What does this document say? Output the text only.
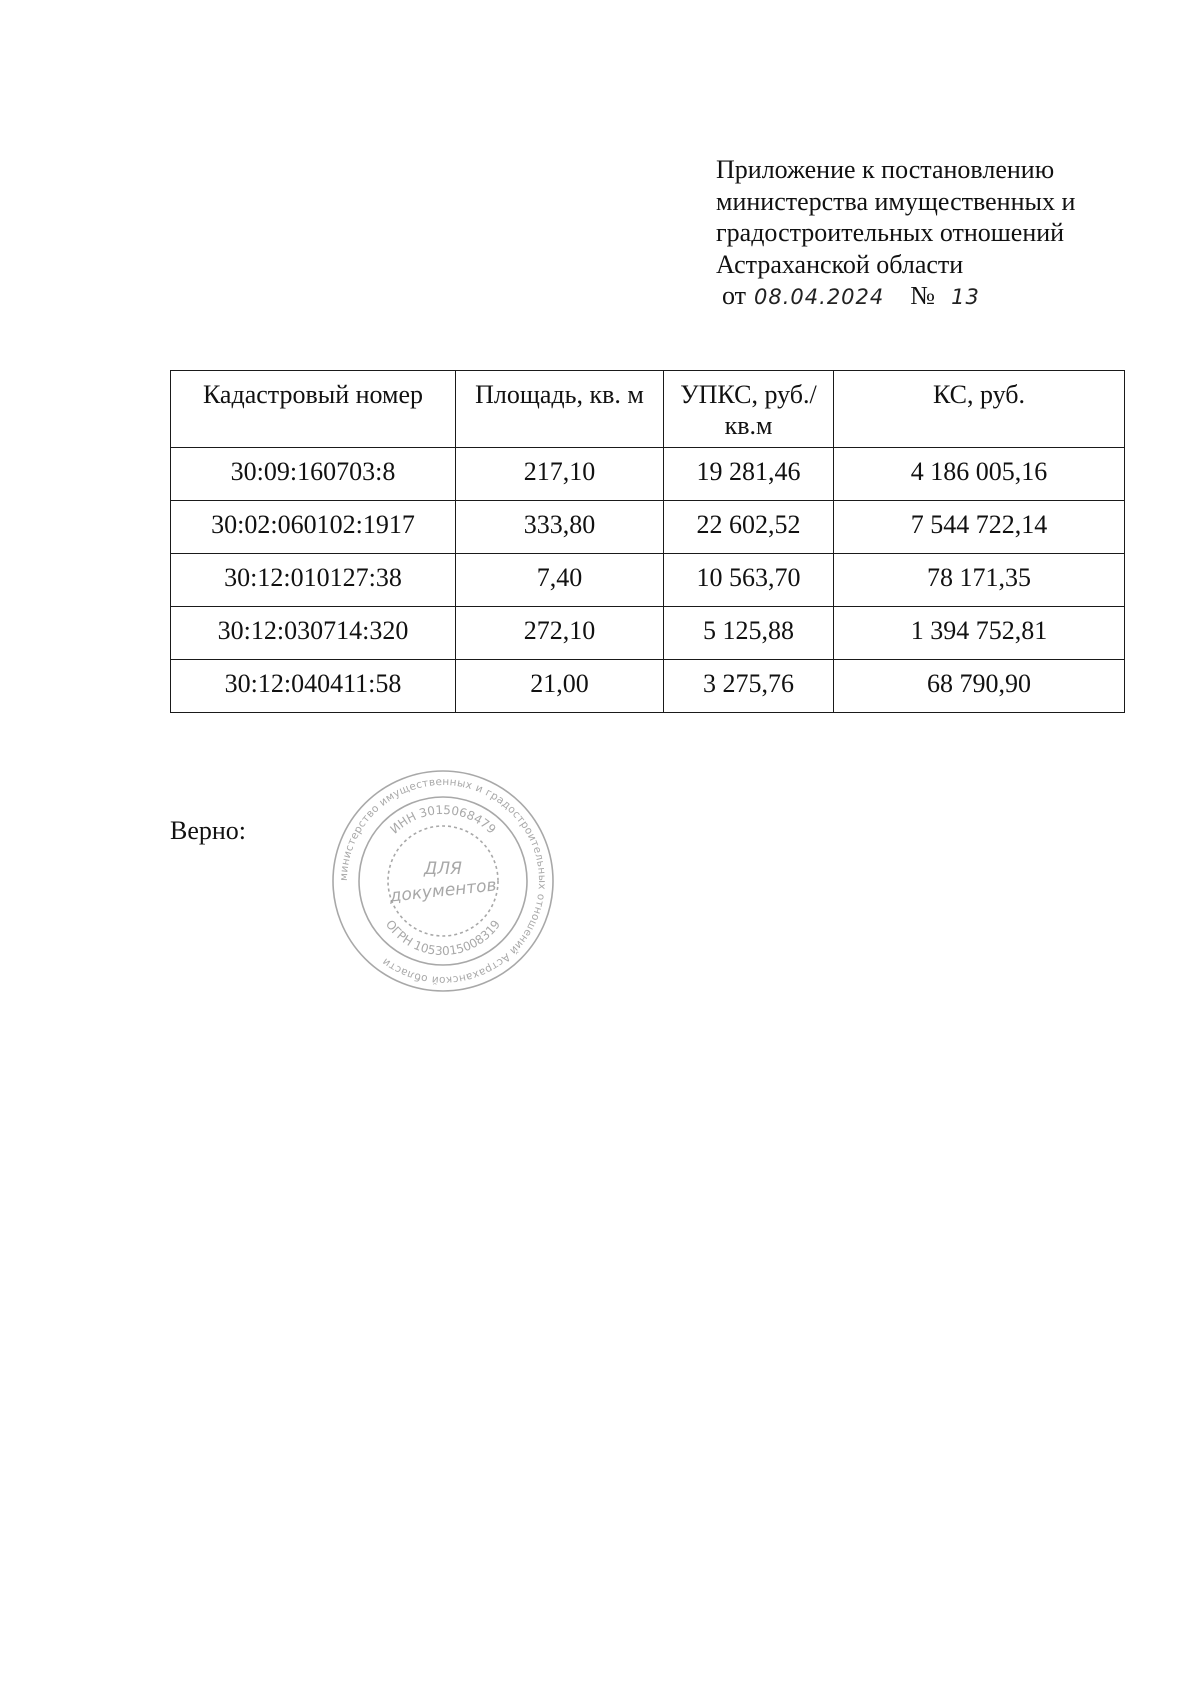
Приложение к постановлению
министерства имущественных и
градостроительных отношений
Астраханской области
от 08.04.2024 № 13
Кадастровый номер	Площадь, кв. м	УПКС, руб./кв.м	КС, руб.
30:09:160703:8	217,10	19 281,46	4 186 005,16
30:02:060102:1917	333,80	22 602,52	7 544 722,14
30:12:010127:38	7,40	10 563,70	78 171,35
30:12:030714:320	272,10	5 125,88	1 394 752,81
30:12:040411:58	21,00	3 275,76	68 790,90
Верно:
министерство имущественных и градостроительных отношений Астраханской области
ИНН 3015068479
ОГРН 1053015008319
ДЛЯ
документов
